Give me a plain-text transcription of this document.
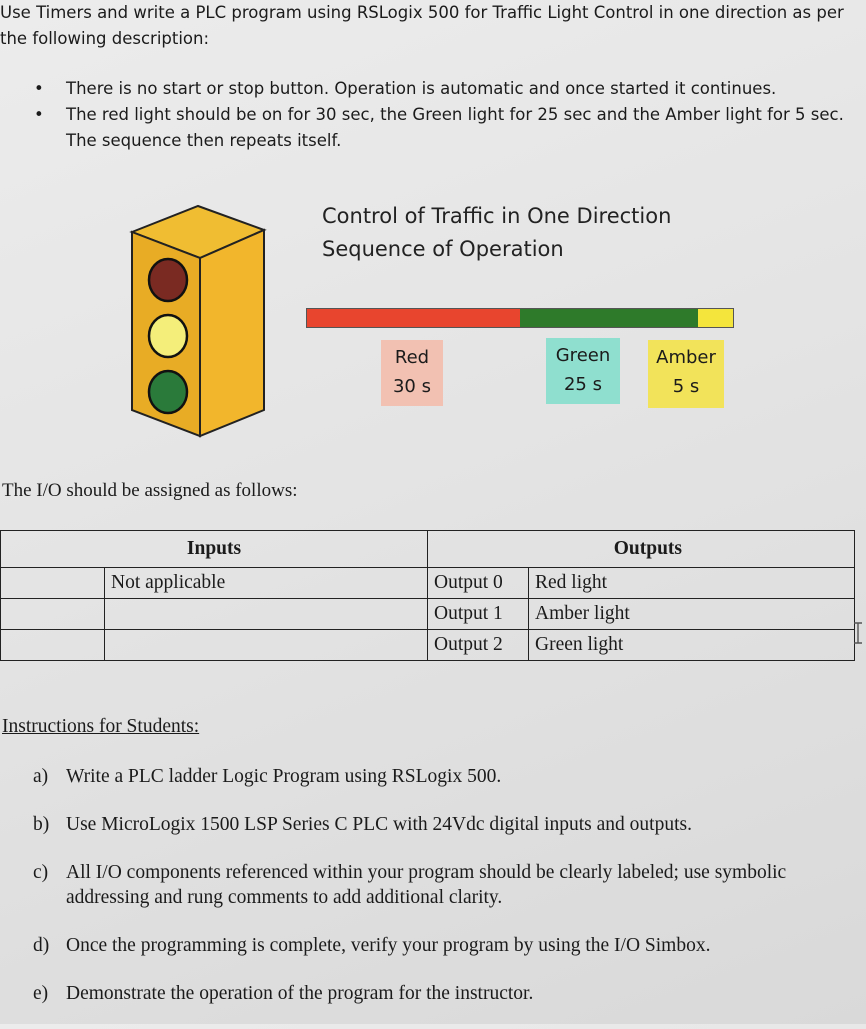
Use Timers and write a PLC program using RSLogix 500 for Traffic Light Control in one direction as per the following description:

• There is no start or stop button. Operation is automatic and once started it continues.
• The red light should be on for 30 sec, the Green light for 25 sec and the Amber light for 5 sec. The sequence then repeats itself.
Control of Traffic in One Direction
Sequence of Operation
Red
30 s
Green
25 s
Amber
5 s
The I/O should be assigned as follows:
Inputs		Outputs	
	Not applicable	Output 0	Red light
		Output 1	Amber light
		Output 2	Green light
Instructions for Students:
a) Write a PLC ladder Logic Program using RSLogix 500.
b) Use MicroLogix 1500 LSP Series C PLC with 24Vdc digital inputs and outputs.
c) All I/O components referenced within your program should be clearly labeled; use symbolic addressing and rung comments to add additional clarity.
d) Once the programming is complete, verify your program by using the I/O Simbox.
e) Demonstrate the operation of the program for the instructor.
